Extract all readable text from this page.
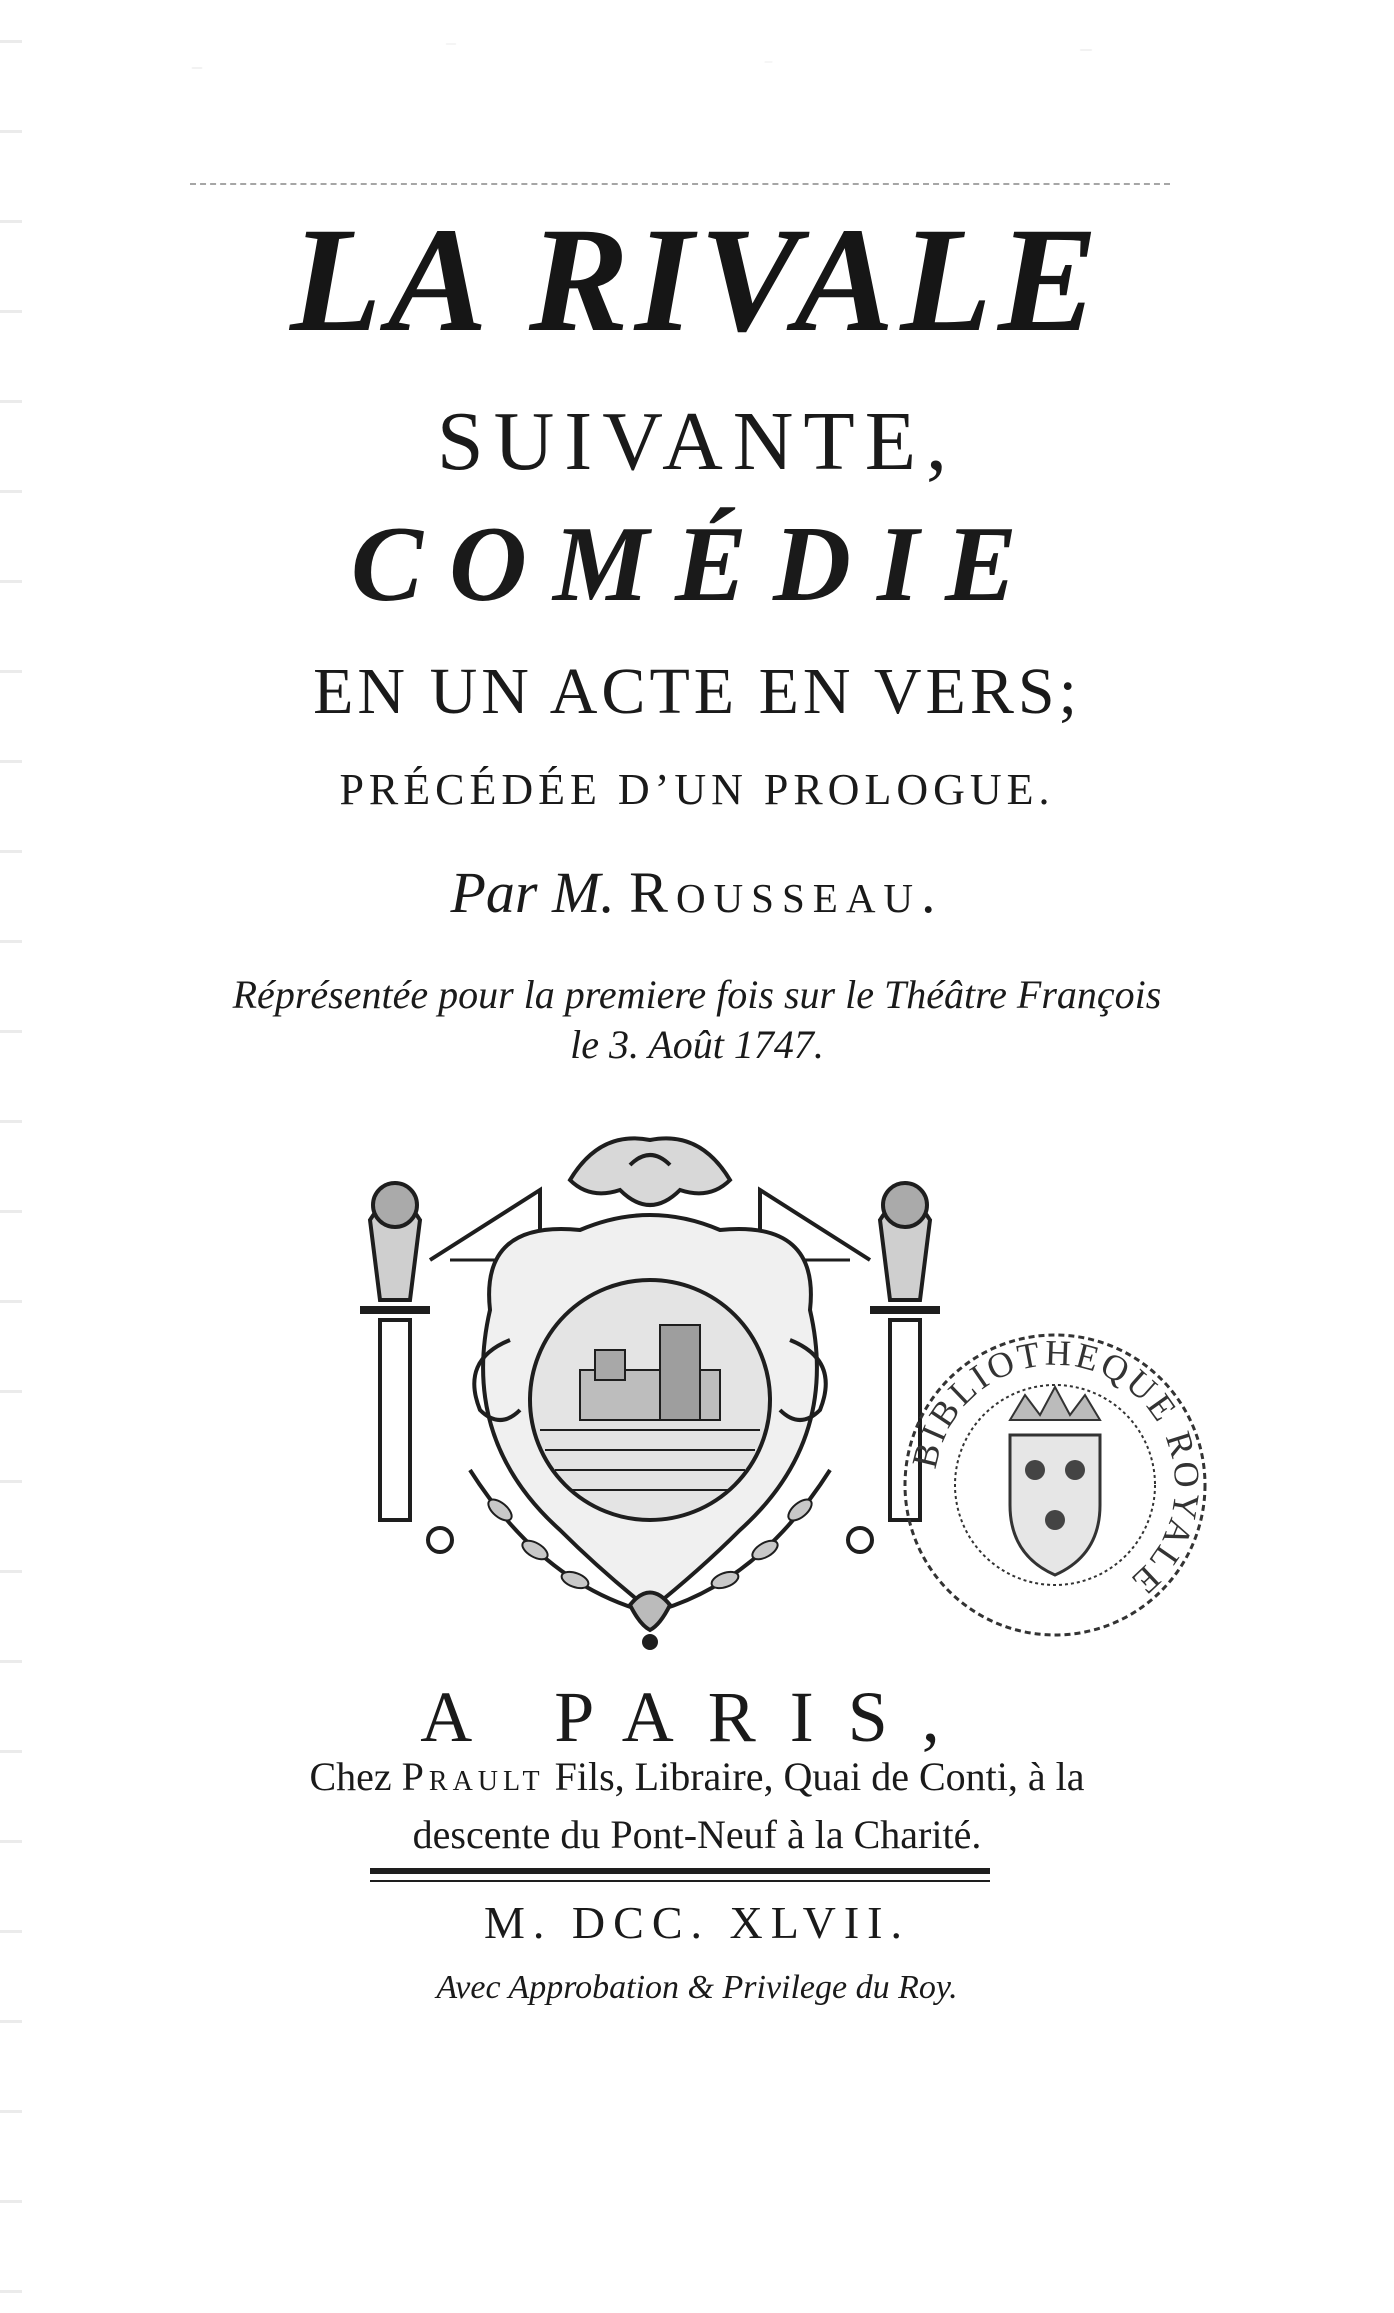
LA RIVALE
SUIVANTE,
COMÉDIE
EN UN ACTE EN VERS;
PRÉCÉDÉE D’UN PROLOGUE.
Par M. Rousseau.
Réprésentée pour la premiere fois sur le Théâtre François
le 3. Août 1747.
BIBLIOTHEQUE ROYALE
A PARIS,
Chez Prault Fils, Libraire, Quai de Conti, à la
descente du Pont-Neuf à la Charité.
M. DCC. XLVII.
Avec Approbation & Privilege du Roy.
